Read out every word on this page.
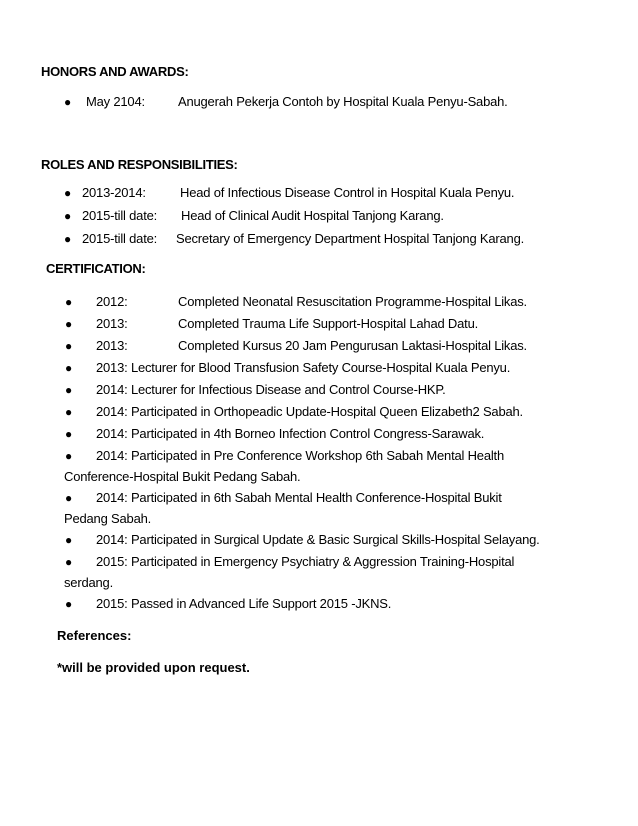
HONORS AND AWARDS:
● May 2104:	Anugerah Pekerja Contoh by Hospital Kuala Penyu-Sabah.
ROLES AND RESPONSIBILITIES:
● 2013-2014:	Head of Infectious Disease Control in Hospital Kuala Penyu.
● 2015-till date: Head of Clinical Audit Hospital Tanjong Karang.
● 2015-till date: Secretary of Emergency Department Hospital Tanjong Karang.
CERTIFICATION:
● 2012:	Completed Neonatal Resuscitation Programme-Hospital Likas.
● 2013:	Completed Trauma Life Support-Hospital Lahad Datu.
● 2013:	Completed Kursus 20 Jam Pengurusan Laktasi-Hospital Likas.
● 2013: Lecturer for Blood Transfusion Safety Course-Hospital Kuala Penyu.
● 2014: Lecturer for Infectious Disease and Control Course-HKP.
● 2014: Participated in Orthopeadic Update-Hospital Queen Elizabeth2 Sabah.
● 2014: Participated in 4th Borneo Infection Control Congress-Sarawak.
● 2014: Participated in Pre Conference Workshop 6th Sabah Mental Health
Conference-Hospital Bukit Pedang Sabah.
● 2014: Participated in 6th Sabah Mental Health Conference-Hospital Bukit
Pedang Sabah.
● 2014: Participated in Surgical Update & Basic Surgical Skills-Hospital Selayang.
● 2015: Participated in Emergency Psychiatry & Aggression Training-Hospital
serdang.
● 2015: Passed in Advanced Life Support 2015 -JKNS.
References:
*will be provided upon request.
